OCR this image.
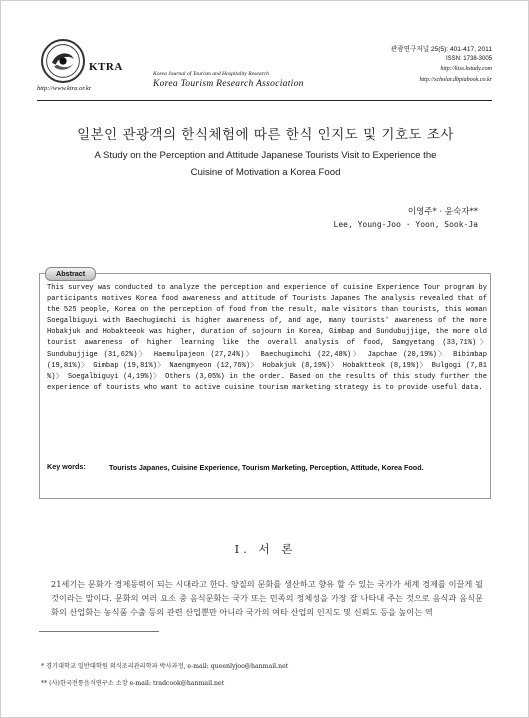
KTRA
http://www.ktra.or.kr
Korea Journal of Tourism and Hospitality Research
Korea Tourism Research Association
관광연구저널 25(5): 401-417, 2011
ISSN: 1738-3005
http://kiss.kstudy.com
http://scholar.dbpiabook.co.kr
일본인 관광객의 한식체험에 따른 한식 인지도 및 기호도 조사
A Study on the Perception and Attitude Japanese Tourists Visit to Experience the
Cuisine of Motivation a Korea Food
이영주* · 윤숙자**
Lee, Young-Joo · Yoon, Sook-Ja
Abstract
This survey was conducted to analyze the perception and experience of cuisine Experience Tour program by participants motives Korea food awareness and attitude of Tourists Japanes The analysis revealed that of the 525 people, Korea on the perception of food from the result, male visitors than tourists, this woman Soegalbiguyi with Baechugimchi is higher awareness of, and age, many tourists' awareness of the more Hobakjuk and Hobakteeok was higher, duration of sojourn in Korea, Gimbap and Sundubujjige, the more old tourist awareness of higher learning like the overall analysis of food, Samgyetang (33,71%)〉 Sundubujjige (31,62%)〉 Haemulpajeon (27,24%)〉 Baechugimchi (22,48%)〉 Japchae (20,19%)〉 Bibimbap (19,81%)〉 Gimbap (19,81%)〉 Naengmyeon (12,76%)〉 Hobakjuk (8,19%)〉 Hobaktteok (8,19%)〉 Bulgogi (7,81 %)〉 Soegalbiguyi (4,19%)〉 Others (3,05%) in the order. Based on the results of this study further the experience of tourists who want to active cuisine tourism marketing strategy is to provide useful data.
Key words:	Tourists Japanes, Cuisine Experience, Tourism Marketing, Perception, Attitude, Korea Food.
Ⅰ. 서 론
21세기는 문화가 경제동력이 되는 시대라고 한다. 양질의 문화를 생산하고 향유 할 수 있는 국가가 세계 경제를 이끌게 될 것이라는 말이다. 문화의 여러 요소 중 음식문화는 국가 또는 민족의 정체성을 가장 잘 나타내 주는 것으로 음식과 음식문화의 산업화는 농식품 수출 등의 관련 산업뿐만 아니라 국가의 여타 산업의 인지도 및 신뢰도 등을 높이는 역
* 경기대학교 일반대학원 외식조리관리학과 박사과정, e-mail: queenlyjoo@hanmail.net
** (사)한국전통음식연구소 소장 e-mail: tradcook@hanmail.net
